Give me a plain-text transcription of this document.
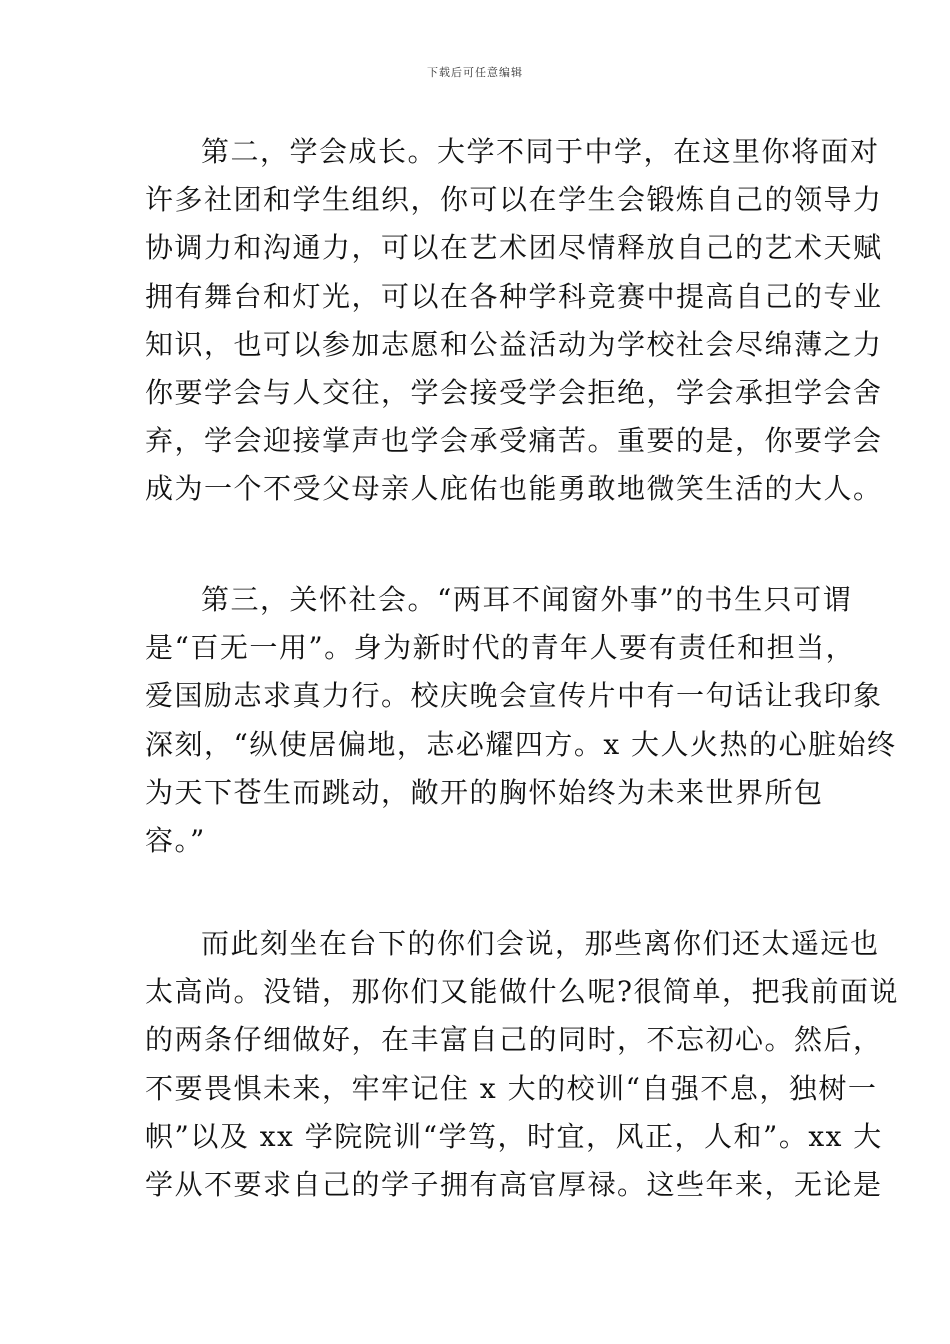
下载后可任意编辑
第二，学会成长。大学不同于中学，在这里你将面对
许多社团和学生组织，你可以在学生会锻炼自己的领导力
协调力和沟通力，可以在艺术团尽情释放自己的艺术天赋
拥有舞台和灯光，可以在各种学科竞赛中提高自己的专业
知识，也可以参加志愿和公益活动为学校社会尽绵薄之力
你要学会与人交往，学会接受学会拒绝，学会承担学会舍
弃，学会迎接掌声也学会承受痛苦。重要的是，你要学会
成为一个不受父母亲人庇佑也能勇敢地微笑生活的大人。
第三，关怀社会。“两耳不闻窗外事”的书生只可谓
是“百无一用”。身为新时代的青年人要有责任和担当，
爱国励志求真力行。校庆晚会宣传片中有一句话让我印象
深刻，“纵使居偏地，志必耀四方。x 大人火热的心脏始终
为天下苍生而跳动，敞开的胸怀始终为未来世界所包
容。”
而此刻坐在台下的你们会说，那些离你们还太遥远也
太高尚。没错，那你们又能做什么呢?很简单，把我前面说
的两条仔细做好，在丰富自己的同时，不忘初心。然后，
不要畏惧未来，牢牢记住 x 大的校训“自强不息，独树一
帜”以及 xx 学院院训“学笃，时宜，风正，人和”。xx 大
学从不要求自己的学子拥有高官厚禄。这些年来，无论是
